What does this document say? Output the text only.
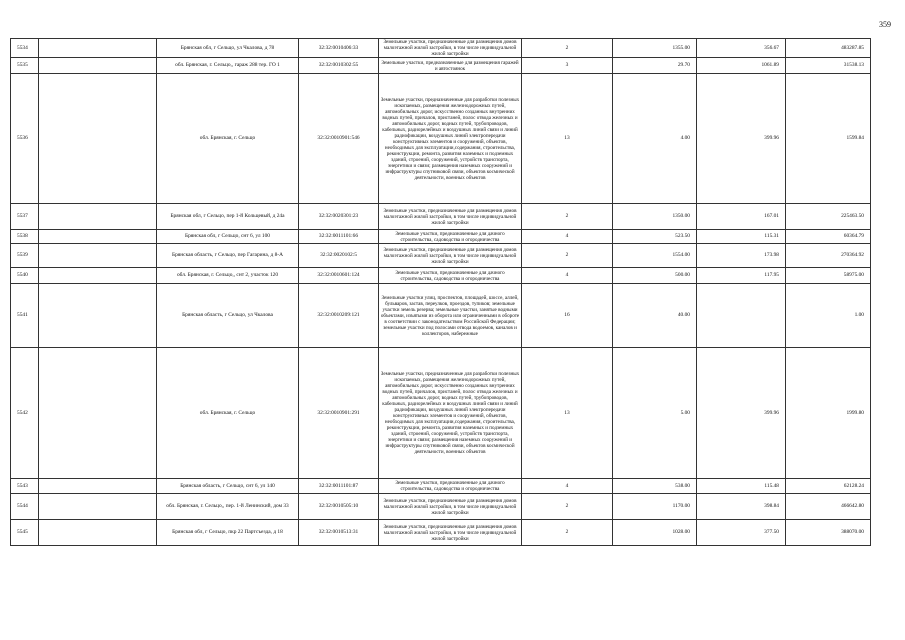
359
5534		Брянская обл, г Сельцо, ул Чкалова, д 78	32:32:0010406:33	Земельные участки, предназначенные для размещения домов малоэтажной жилой застройки, в том числе индивидуальной жилой застройки	2	1355.00	356.67	483287.85
5535		обл. Брянская, г. Сельцо,, гараж 288 тер. ГО 1	32:32:0010302:55	Земельные участки, предназначенные для размещения гаражей и автостоянок	3	29.70	1061.89	31538.13
5536		обл. Брянская, г. Сельцо	32:32:0010901:546	Земельные участки, предназначенные для разработки полезных ископаемых, размещения железнодорожных путей, автомобильных дорог, искусственно созданных внутренних водных путей, причалов, пристаней, полос отвода железных и автомобильных дорог, водных путей, трубопроводов, кабельных, радиорелейных и воздушных линий связи и линий радиофикации, воздушных линий электропередачи конструктивных элементов и сооружений, объектов, необходимых для эксплуатации,содержания, строительства, реконструкции, ремонта, развития наземных и подземных зданий, строений, сооружений, устройств транспорта, энергетики и связи; размещения наземных сооружений и инфраструктуры спутниковой связи, объектов космической деятельности, военных объектов	13	4.00	399.96	1599.84
5537		Брянская обл, г Сельцо, пер 1-й Кольцевый, д 24а	32:32:0020301:23	Земельные участки, предназначенные для размещения домов малоэтажной жилой застройки, в том числе индивидуальной жилой застройки	2	1350.00	167.01	225463.50
5538		Брянская обл, г Сельцо, снт 6, ул 100	32:32:0011101:66	Земельные участки, предназначенные для дачного строительства, садоводства и огородничества	4	523.50	115.31	60364.79
5539		Брянская область, г Сельцо, пер Гагарина, д 8-А	32:32:0020102:5	Земельные участки, предназначенные для размещения домов малоэтажной жилой застройки, в том числе индивидуальной жилой застройки	2	1554.00	173.98	270364.92
5540		обл. Брянская, г. Сельцо,, снт 2, участок 120	32:32:0010601:124	Земельные участки, предназначенные для дачного строительства, садоводства и огородничества	4	500.00	117.95	58975.00
5541		Брянская область, г Сельцо, ул Чкалова	32:32:0010209:121	Земельные участки улиц, проспектов, площадей, шоссе, аллей, бульваров, застав, переулков, проездов, тупиков; земельные участки земель резерва; земельные участки, занятые водными объектами, изъятыми из оборота или ограниченными в обороте в соответствии с законодательством Российской Федерации; земельные участки под полосами отвода водоемов, каналов и коллекторов, набережные	16	40.00		1.00
5542		обл. Брянская, г. Сельцо	32:32:0010901:291	Земельные участки, предназначенные для разработки полезных ископаемых, размещения железнодорожных путей, автомобильных дорог, искусственно созданных внутренних водных путей, причалов, пристаней, полос отвода железных и автомобильных дорог, водных путей, трубопроводов, кабельных, радиорелейных и воздушных линий связи и линий радиофикации, воздушных линий электропередачи конструктивных элементов и сооружений, объектов, необходимых для эксплуатации,содержания, строительства, реконструкции, ремонта, развития наземных и подземных зданий, строений, сооружений, устройств транспорта, энергетики и связи; размещения наземных сооружений и инфраструктуры спутниковой связи, объектов космической деятельности, военных объектов	13	5.00	399.96	1999.80
5543		Брянская область, г Сельцо, снт 6, ул 140	32:32:0011101:87	Земельные участки, предназначенные для дачного строительства, садоводства и огородничества	4	538.00	115.48	62128.24
5544		обл. Брянская, г. Сельцо,, пер. 1-й Ленинский, дом 33	32:32:0010505:10	Земельные участки, предназначенные для размещения домов малоэтажной жилой застройки, в том числе индивидуальной жилой застройки	2	1170.00	398.84	466642.80
5545		Брянская обл, г Сельцо, пкр 22 Партсъезда, д 18	32:32:0010513:31	Земельные участки, предназначенные для размещения домов малоэтажной жилой застройки, в том числе индивидуальной жилой застройки	2	1028.00	377.50	388070.00
